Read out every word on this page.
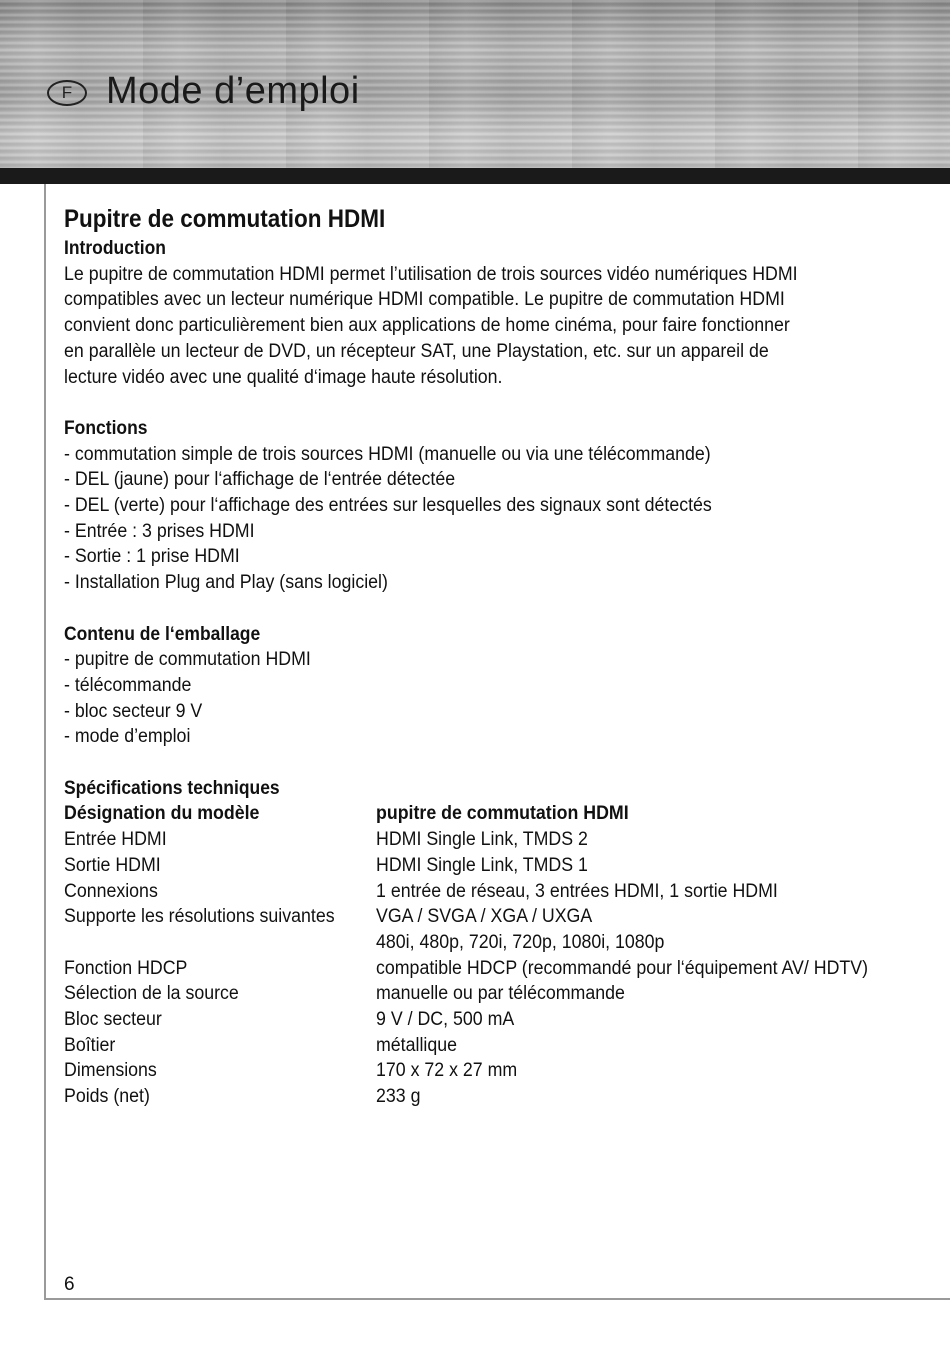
F Mode d’emploi
Pupitre de commutation HDMI
Introduction

Le pupitre de commutation HDMI permet l’utilisation de trois sources vidéo numériques HDMI
compatibles avec un lecteur numérique HDMI compatible. Le pupitre de commutation HDMI
convient donc particulièrement bien aux applications de home cinéma, pour faire fonctionner
en parallèle un lecteur de DVD, un récepteur SAT, une Playstation, etc. sur un appareil de
lecture vidéo avec une qualité d‘image haute résolution.

Fonctions
- commutation simple de trois sources HDMI (manuelle ou via une télécommande)
- DEL (jaune) pour l‘affichage de l‘entrée détectée
- DEL (verte) pour l‘affichage des entrées sur lesquelles des signaux sont détectés
- Entrée : 3 prises HDMI
- Sortie : 1 prise HDMI
- Installation Plug and Play (sans logiciel)
Contenu de l‘emballage
- pupitre de commutation HDMI
- télécommande
- bloc secteur 9 V
- mode d’emploi
Spécifications techniques
Désignation du modèle	pupitre de commutation HDMI
Entrée HDMI	HDMI Single Link, TMDS 2
Sortie HDMI	HDMI Single Link, TMDS 1
Connexions	1 entrée de réseau, 3 entrées HDMI, 1 sortie HDMI
Supporte les résolutions suivantes	VGA / SVGA / XGA / UXGA
480i, 480p, 720i, 720p, 1080i, 1080p
Fonction HDCP	compatible HDCP (recommandé pour l‘équipement AV/ HDTV)
Sélection de la source	manuelle ou par télécommande
Bloc secteur	9 V / DC, 500 mA
Boîtier	métallique
Dimensions	170 x 72 x 27 mm
Poids (net)	233 g
6
